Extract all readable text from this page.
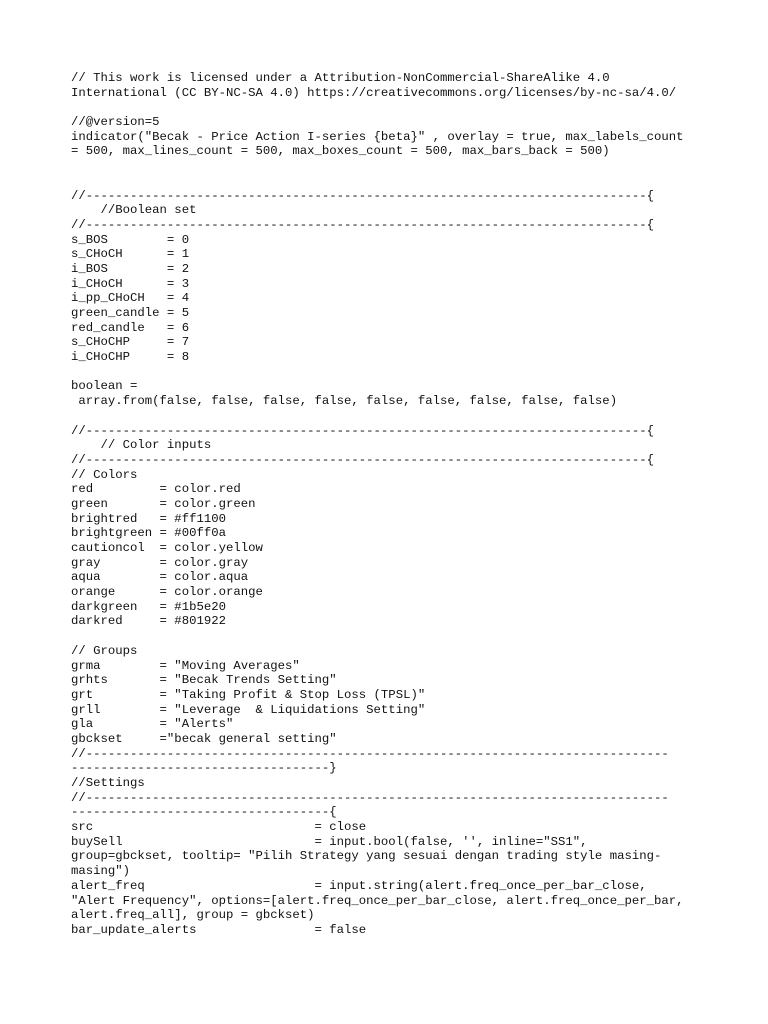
// This work is licensed under a Attribution-NonCommercial-ShareAlike 4.0
International (CC BY-NC-SA 4.0) https://creativecommons.org/licenses/by-nc-sa/4.0/
//@version=5
indicator("Becak - Price Action I-series {beta}" , overlay = true, max_labels_count
= 500, max_lines_count = 500, max_boxes_count = 500, max_bars_back = 500)
//----------------------------------------------------------------------------{
//Boolean set
//----------------------------------------------------------------------------{
s_BOS        = 0
s_CHoCH      = 1
i_BOS        = 2
i_CHoCH      = 3
i_pp_CHoCH   = 4
green_candle = 5
red_candle   = 6
s_CHoCHP     = 7
i_CHoCHP     = 8
boolean =
array.from(false, false, false, false, false, false, false, false, false)
//----------------------------------------------------------------------------{
// Color inputs
//----------------------------------------------------------------------------{
// Colors
red         = color.red
green       = color.green
brightred   = #ff1100
brightgreen = #00ff0a
cautioncol  = color.yellow
gray        = color.gray
aqua        = color.aqua
orange      = color.orange
darkgreen   = #1b5e20
darkred     = #801922
// Groups
grma        = "Moving Averages"
grhts       = "Becak Trends Setting"
grt         = "Taking Profit & Stop Loss (TPSL)"
grll        = "Leverage  & Liquidations Setting"
gla         = "Alerts"
gbckset     ="becak general setting"
//-------------------------------------------------------------------------------
-----------------------------------}
//Settings
//-------------------------------------------------------------------------------
-----------------------------------{
src                              = close
buySell                          = input.bool(false, '', inline="SS1",
group=gbckset, tooltip= "Pilih Strategy yang sesuai dengan trading style masing-
masing")
alert_freq                       = input.string(alert.freq_once_per_bar_close,
"Alert Frequency", options=[alert.freq_once_per_bar_close, alert.freq_once_per_bar,
alert.freq_all], group = gbckset)
bar_update_alerts                = false
